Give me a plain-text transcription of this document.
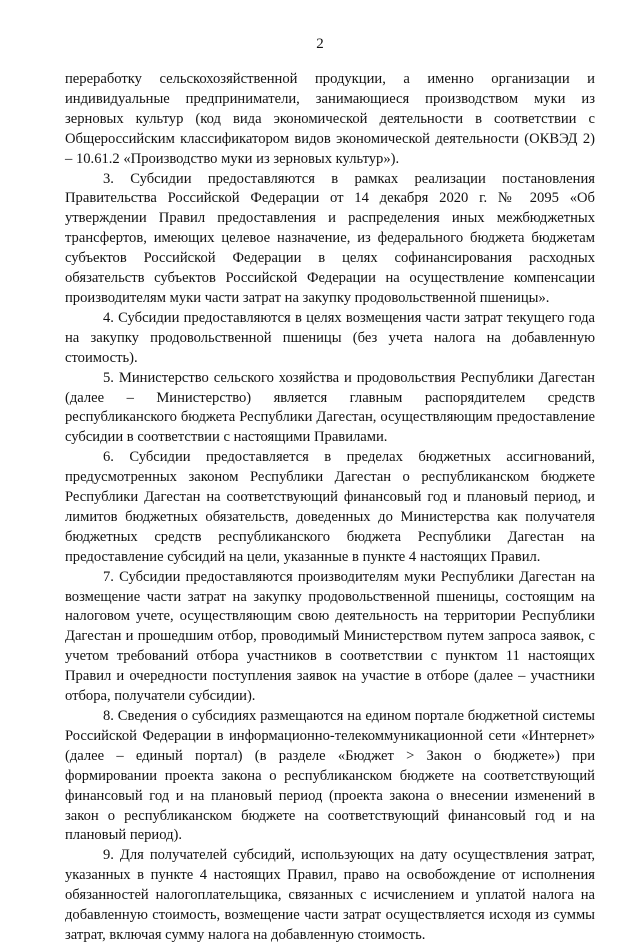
2

переработку сельскохозяйственной продукции, а именно организации и индивидуальные предприниматели, занимающиеся производством муки из зерновых культур (код вида экономической деятельности в соответствии с Общероссийским классификатором видов экономической деятельности (ОКВЭД 2) – 10.61.2 «Производство муки из зерновых культур»).

3. Субсидии предоставляются в рамках реализации постановления Правительства Российской Федерации от 14 декабря 2020 г. № 2095 «Об утверждении Правил предоставления и распределения иных межбюджетных трансфертов, имеющих целевое назначение, из федерального бюджета бюджетам субъектов Российской Федерации в целях софинансирования расходных обязательств субъектов Российской Федерации на осуществление компенсации производителям муки части затрат на закупку продовольственной пшеницы».

4. Субсидии предоставляются в целях возмещения части затрат текущего года на закупку продовольственной пшеницы (без учета налога на добавленную стоимость).

5. Министерство сельского хозяйства и продовольствия Республики Дагестан (далее – Министерство) является главным распорядителем средств республиканского бюджета Республики Дагестан, осуществляющим предоставление субсидии в соответствии с настоящими Правилами.

6. Субсидии предоставляется в пределах бюджетных ассигнований, предусмотренных законом Республики Дагестан о республиканском бюджете Республики Дагестан на соответствующий финансовый год и плановый период, и лимитов бюджетных обязательств, доведенных до Министерства как получателя бюджетных средств республиканского бюджета Республики Дагестан на предоставление субсидий на цели, указанные в пункте 4 настоящих Правил.

7. Субсидии предоставляются производителям муки Республики Дагестан на возмещение части затрат на закупку продовольственной пшеницы, состоящим на налоговом учете, осуществляющим свою деятельность на территории Республики Дагестан и прошедшим отбор, проводимый Министерством путем запроса заявок, с учетом требований отбора участников в соответствии с пунктом 11 настоящих Правил и очередности поступления заявок на участие в отборе (далее – участники отбора, получатели субсидии).

8. Сведения о субсидиях размещаются на едином портале бюджетной системы Российской Федерации в информационно-телекоммуникационной сети «Интернет» (далее – единый портал) (в разделе «Бюджет > Закон о бюджете») при формировании проекта закона о республиканском бюджете на соответствующий финансовый год и на плановый период (проекта закона о внесении изменений в закон о республиканском бюджете на соответствующий финансовый год и на плановый период).

9. Для получателей субсидий, использующих на дату осуществления затрат, указанных в пункте 4 настоящих Правил, право на освобождение от исполнения обязанностей налогоплательщика, связанных с исчислением и уплатой налога на добавленную стоимость, возмещение части затрат осуществляется исходя из суммы затрат, включая сумму налога на добавленную стоимость.
